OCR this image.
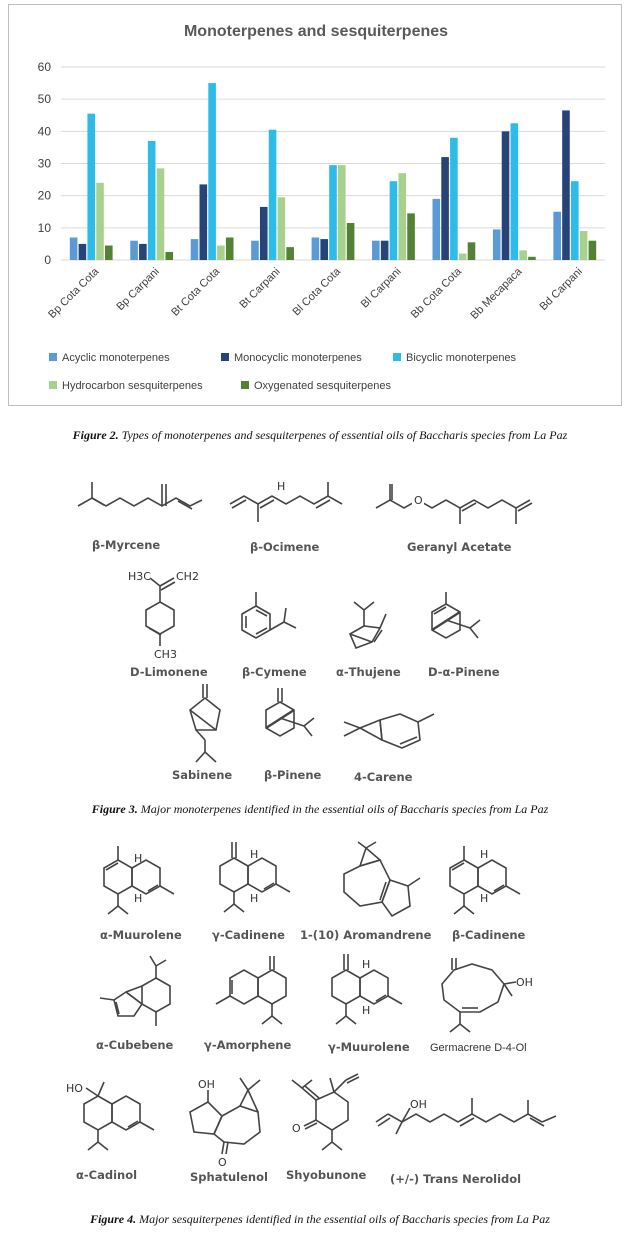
Monoterpenes and sesquiterpenes
0
10
20
30
40
50
60
Bp Cota Cota Bp Carpani Bt Cota Cota Bt Carpani Bl Cota Cota Bl Carpani Bb Cota Cota Bb Mecapaca Bd Carpani
Acyclic monoterpenes	Monocyclic monoterpenes	Bicyclic monoterpenes
Hydrocarbon sesquiterpenes	Oxygenated sesquiterpenes
Figure 2. Types of monoterpenes and sesquiterpenes of essential oils of Baccharis species from La Paz
β-Myrcene
H
β-Ocimene
O
Geranyl Acetate
H3C CH2
CH3
D-Limonene	β-Cymene	α-Thujene D-α-Pinene
Sabinene	β-Pinene	4-Carene
Figure 3. Major monoterpenes identified in the essential oils of Baccharis species from La Paz
H
H
α-Muurolene
H
H
γ-Cadinene 1-(10) Aromandrene
H
H
β-Cadinene
α-Cubebene	γ-Amorphene
H
H
γ-Muurolene
OH
Germacrene D-4-Ol
HO
α-Cadinol
OH
O
Sphatulenol
O
Shyobunone
OH
(+/-) Trans Nerolidol
Figure 4. Major sesquiterpenes identified in the essential oils of Baccharis species from La Paz
